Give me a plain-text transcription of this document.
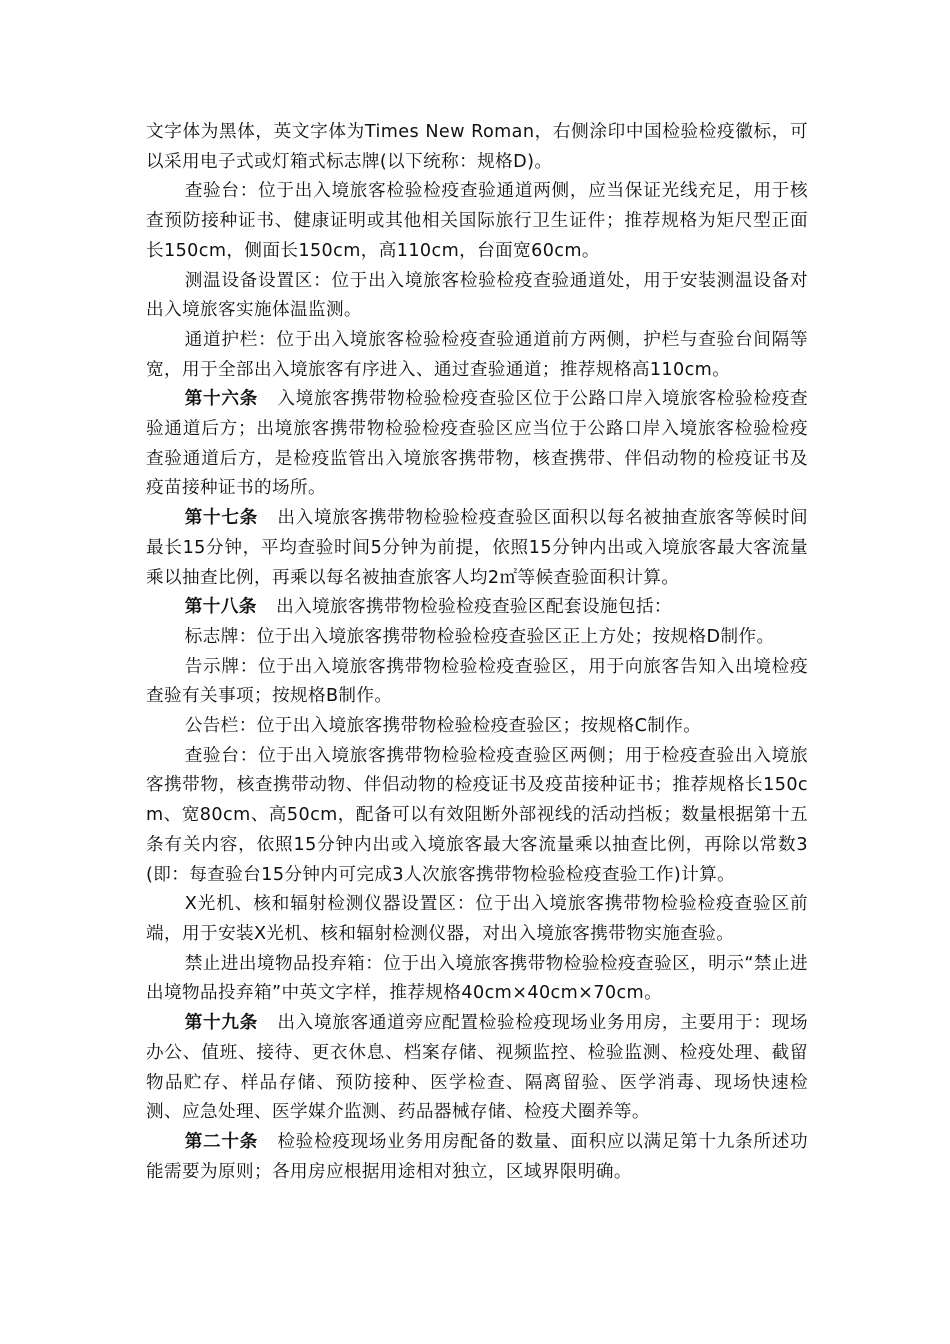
文字体为黑体，英文字体为Times New Roman，右侧涂印中国检验检疫徽标，可以采用电子式或灯箱式标志牌(以下统称：规格D)。

查验台：位于出入境旅客检验检疫查验通道两侧，应当保证光线充足，用于核查预防接种证书、健康证明或其他相关国际旅行卫生证件；推荐规格为矩尺型正面长150cm，侧面长150cm，高110cm，台面宽60cm。

测温设备设置区：位于出入境旅客检验检疫查验通道处，用于安装测温设备对出入境旅客实施体温监测。

通道护栏：位于出入境旅客检验检疫查验通道前方两侧，护栏与查验台间隔等宽，用于全部出入境旅客有序进入、通过查验通道；推荐规格高110cm。

第十六条 入境旅客携带物检验检疫查验区位于公路口岸入境旅客检验检疫查验通道后方；出境旅客携带物检验检疫查验区应当位于公路口岸入境旅客检验检疫查验通道后方，是检疫监管出入境旅客携带物，核查携带、伴侣动物的检疫证书及疫苗接种证书的场所。

第十七条 出入境旅客携带物检验检疫查验区面积以每名被抽查旅客等候时间最长15分钟，平均查验时间5分钟为前提，依照15分钟内出或入境旅客最大客流量乘以抽查比例，再乘以每名被抽查旅客人均2㎡等候查验面积计算。

第十八条 出入境旅客携带物检验检疫查验区配套设施包括：

标志牌：位于出入境旅客携带物检验检疫查验区正上方处；按规格D制作。

告示牌：位于出入境旅客携带物检验检疫查验区，用于向旅客告知入出境检疫查验有关事项；按规格B制作。

公告栏：位于出入境旅客携带物检验检疫查验区；按规格C制作。

查验台：位于出入境旅客携带物检验检疫查验区两侧；用于检疫查验出入境旅客携带物，核查携带动物、伴侣动物的检疫证书及疫苗接种证书；推荐规格长150cm、宽80cm、高50cm，配备可以有效阻断外部视线的活动挡板；数量根据第十五条有关内容，依照15分钟内出或入境旅客最大客流量乘以抽查比例，再除以常数3(即：每查验台15分钟内可完成3人次旅客携带物检验检疫查验工作)计算。

X光机、核和辐射检测仪器设置区：位于出入境旅客携带物检验检疫查验区前端，用于安装X光机、核和辐射检测仪器，对出入境旅客携带物实施查验。

禁止进出境物品投弃箱：位于出入境旅客携带物检验检疫查验区，明示“禁止进出境物品投弃箱”中英文字样，推荐规格40cm×40cm×70cm。

第十九条 出入境旅客通道旁应配置检验检疫现场业务用房，主要用于：现场办公、值班、接待、更衣休息、档案存储、视频监控、检验监测、检疫处理、截留物品贮存、样品存储、预防接种、医学检查、隔离留验、医学消毒、现场快速检测、应急处理、医学媒介监测、药品器械存储、检疫犬圈养等。

第二十条 检验检疫现场业务用房配备的数量、面积应以满足第十九条所述功能需要为原则；各用房应根据用途相对独立，区域界限明确。
